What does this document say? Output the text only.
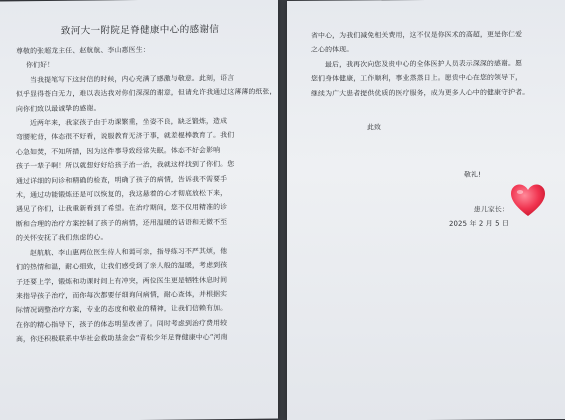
致河大一附院足脊健康中心的感谢信
尊敬的张超龙主任、赵航航、李山惠医生：
你们好！
当我提笔写下这封信的时候，内心充满了感激与敬意。此刻，语言
似乎显得苍白无力，难以表达我对你们深深的谢意，但请允许我通过这薄薄的纸张，
向你们致以最诚挚的感谢。
近两年来，我家孩子由于功课繁重，坐姿不良，缺乏锻炼，造成
弯腰驼背，体态很不好看，说服教育无济于事，就差棍棒教育了。我们
心急如焚，不知所措，因为这件事导致经常失眠。体态不好会影响
孩子一辈子啊！所以就想好好给孩子治一治，我就这样找到了你们。您
通过详细的问诊和精确的检查，明确了孩子的病情，告诉我不需要手
术，通过功能锻炼还是可以恢复的，我这悬着的心才彻底放松下来，
遇见了你们，让我重新看到了希望。在治疗期间，您不仅用精准的诊
断和合理的治疗方案控制了孩子的病情，还用温暖的话语和无微不至
的关怀安抚了我们焦虑的心。
赵航航、李山惠两位医生待人和蔼可亲，指导练习不严其烦，他
们的热情和温，耐心细致，让我们感受到了亲人般的温暖，考虑到孩
子还要上学，锻炼和功课时间上有冲突，两位医生更是牺牲休息时间
来指导孩子治疗，而你每次都要仔细询问病情，耐心查体，并根据实
际情况调整治疗方案，专业的态度和敬业的精神，让我们信赖有加。
在你的精心指导下，孩子的体态明显改善了。同时考虑到治疗费用较
高，你还积极联系中华社会救助基金会“青松少年足脊健康中心”河南
省中心，为我们减免相关费用，这不仅是你医术的高超，更是你仁爱
之心的体现。
最后，我再次向您及贵中心的全体医护人员表示深深的感谢。愿
您们身体健康，工作顺利，事业蒸蒸日上。愿贵中心在您的领导下，
继续为广大患者提供优质的医疗服务，成为更多人心中的健康守护者。
此致
敬礼!
患儿家长：
2025 年 2 月 5 日
